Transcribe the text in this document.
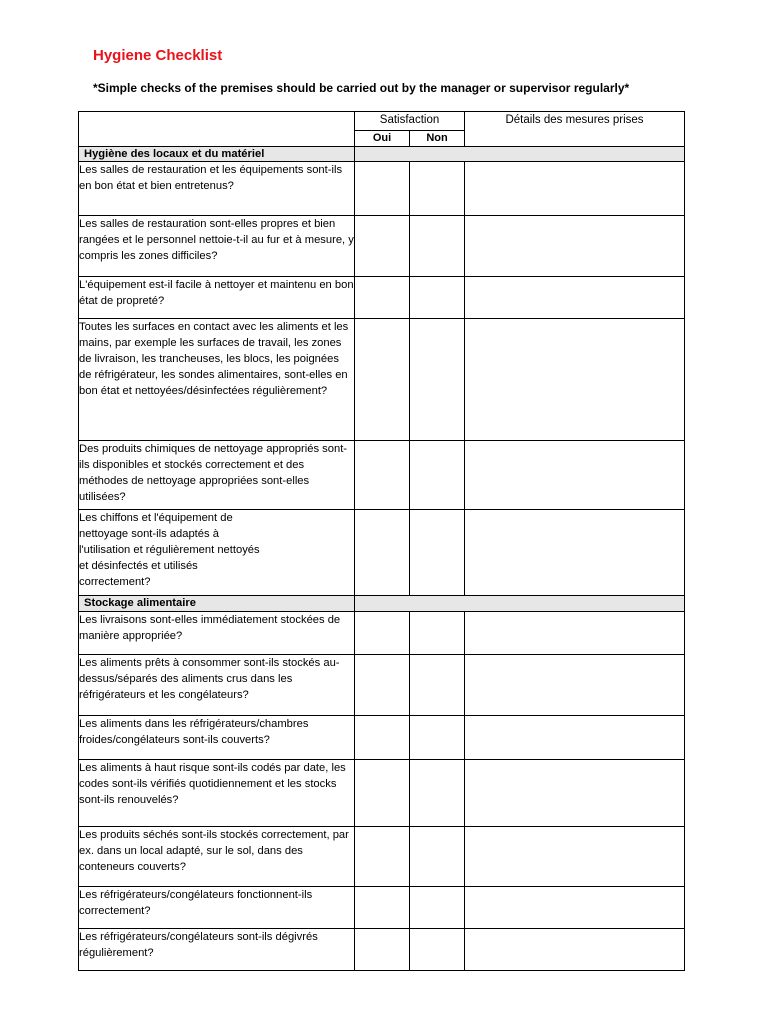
Hygiene Checklist
*Simple checks of the premises should be carried out by the manager or supervisor regularly*
	Satisfaction		Détails des mesures prises
	Oui	Non	
Hygiène des locaux et du matériel			
Les salles de restauration et les équipements sont-ils en bon état et bien entretenus?			
Les salles de restauration sont-elles propres et bien rangées et le personnel nettoie-t-il au fur et à mesure, y compris les zones difficiles?			
L'équipement est-il facile à nettoyer et maintenu en bon état de propreté?			
Toutes les surfaces en contact avec les aliments et les mains, par exemple les surfaces de travail, les zones de livraison, les trancheuses, les blocs, les poignées de réfrigérateur, les sondes alimentaires, sont-elles en bon état et nettoyées/désinfectées régulièrement?			
Des produits chimiques de nettoyage appropriés sont-ils disponibles et stockés correctement et des méthodes de nettoyage appropriées sont-elles utilisées?			
Les chiffons et l'équipement de nettoyage sont-ils adaptés à l'utilisation et régulièrement nettoyés et désinfectés et utilisés correctement?			
Stockage alimentaire			
Les livraisons sont-elles immédiatement stockées de manière appropriée?			
Les aliments prêts à consommer sont-ils stockés au-dessus/séparés des aliments crus dans les réfrigérateurs et les congélateurs?			
Les aliments dans les réfrigérateurs/chambres froides/congélateurs sont-ils couverts?			
Les aliments à haut risque sont-ils codés par date, les codes sont-ils vérifiés quotidiennement et les stocks sont-ils renouvelés?			
Les produits séchés sont-ils stockés correctement, par ex. dans un local adapté, sur le sol, dans des conteneurs couverts?			
Les réfrigérateurs/congélateurs fonctionnent-ils correctement?			
Les réfrigérateurs/congélateurs sont-ils dégivrés régulièrement?			
